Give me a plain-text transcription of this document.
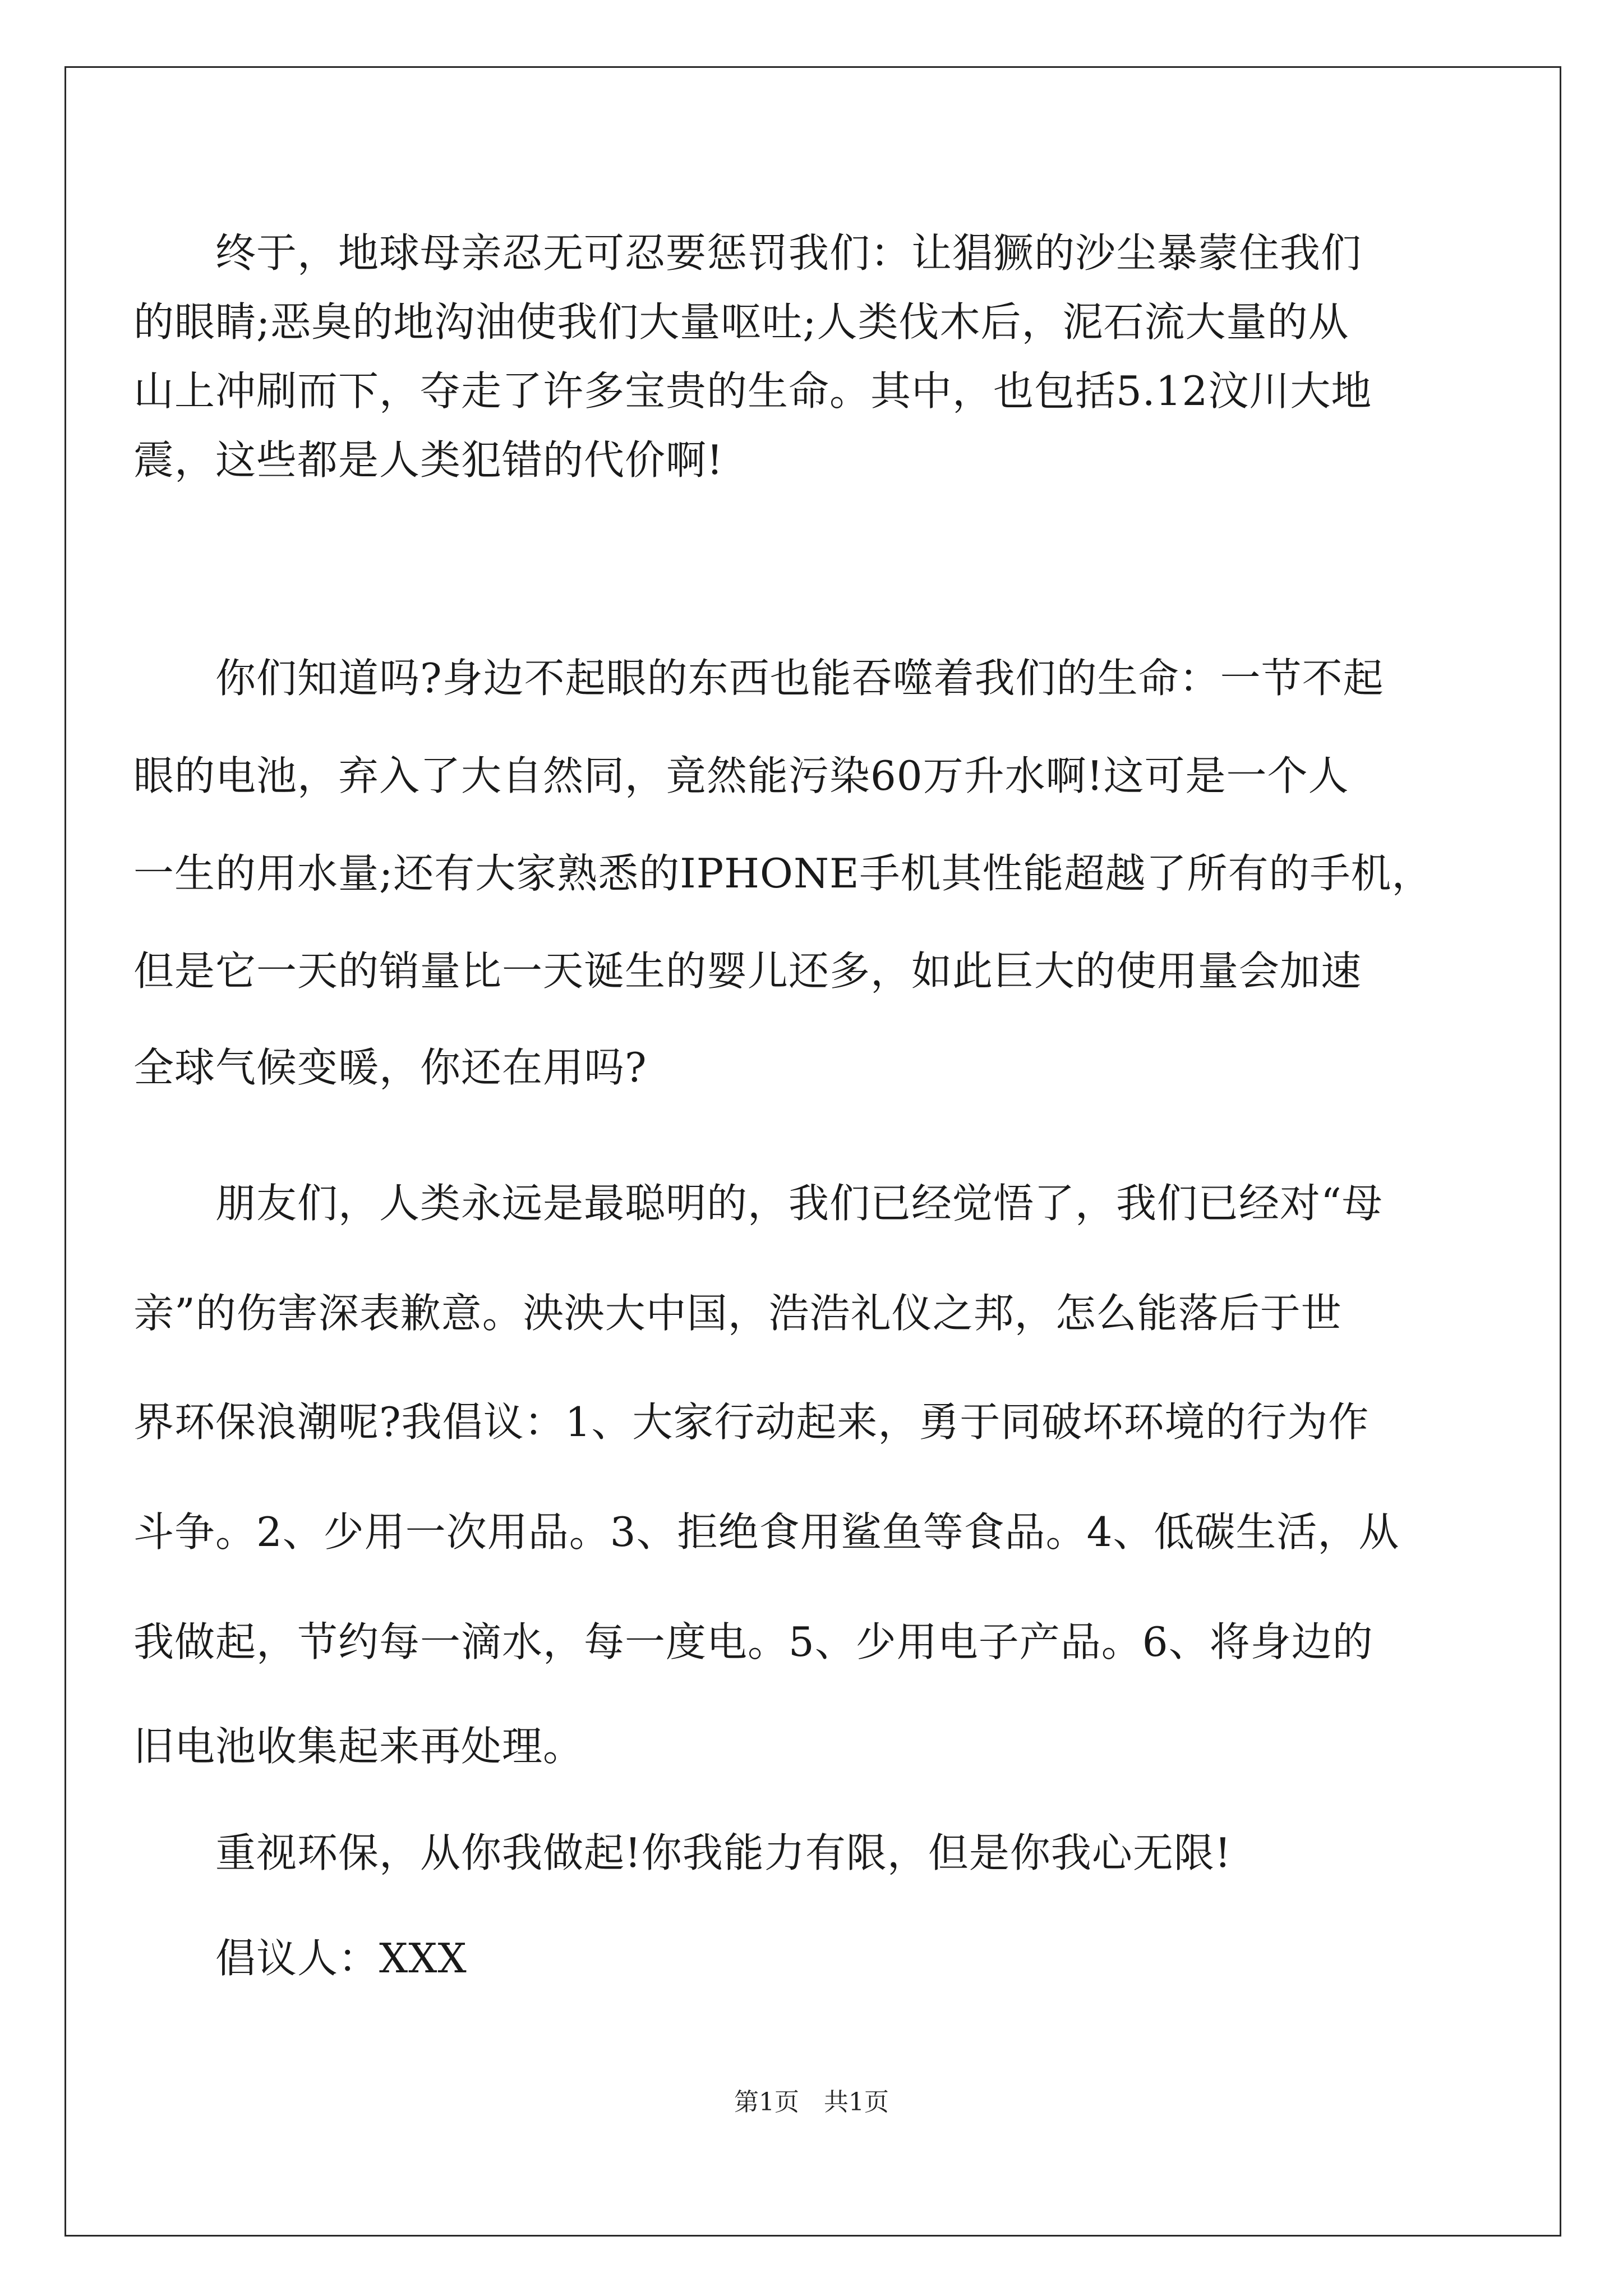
　　终于，地球母亲忍无可忍要惩罚我们：让猖獗的沙尘暴蒙住我们
的眼睛;恶臭的地沟油使我们大量呕吐;人类伐木后，泥石流大量的从
山上冲刷而下，夺走了许多宝贵的生命。其中，也包括5.12汶川大地
震，这些都是人类犯错的代价啊!
　　你们知道吗?身边不起眼的东西也能吞噬着我们的生命：一节不起
眼的电池，弃入了大自然同，竟然能污染60万升水啊!这可是一个人
一生的用水量;还有大家熟悉的IPHONE手机其性能超越了所有的手机，
但是它一天的销量比一天诞生的婴儿还多，如此巨大的使用量会加速
全球气候变暖，你还在用吗?
　　朋友们，人类永远是最聪明的，我们已经觉悟了，我们已经对“母
亲”的伤害深表歉意。泱泱大中国，浩浩礼仪之邦，怎么能落后于世
界环保浪潮呢?我倡议：1、大家行动起来，勇于同破坏环境的行为作
斗争。2、少用一次用品。3、拒绝食用鲨鱼等食品。4、低碳生活，从
我做起，节约每一滴水，每一度电。5、少用电子产品。6、将身边的
旧电池收集起来再处理。
　　重视环保，从你我做起!你我能力有限，但是你我心无限!
　　倡议人：XXX
第1页　共1页
